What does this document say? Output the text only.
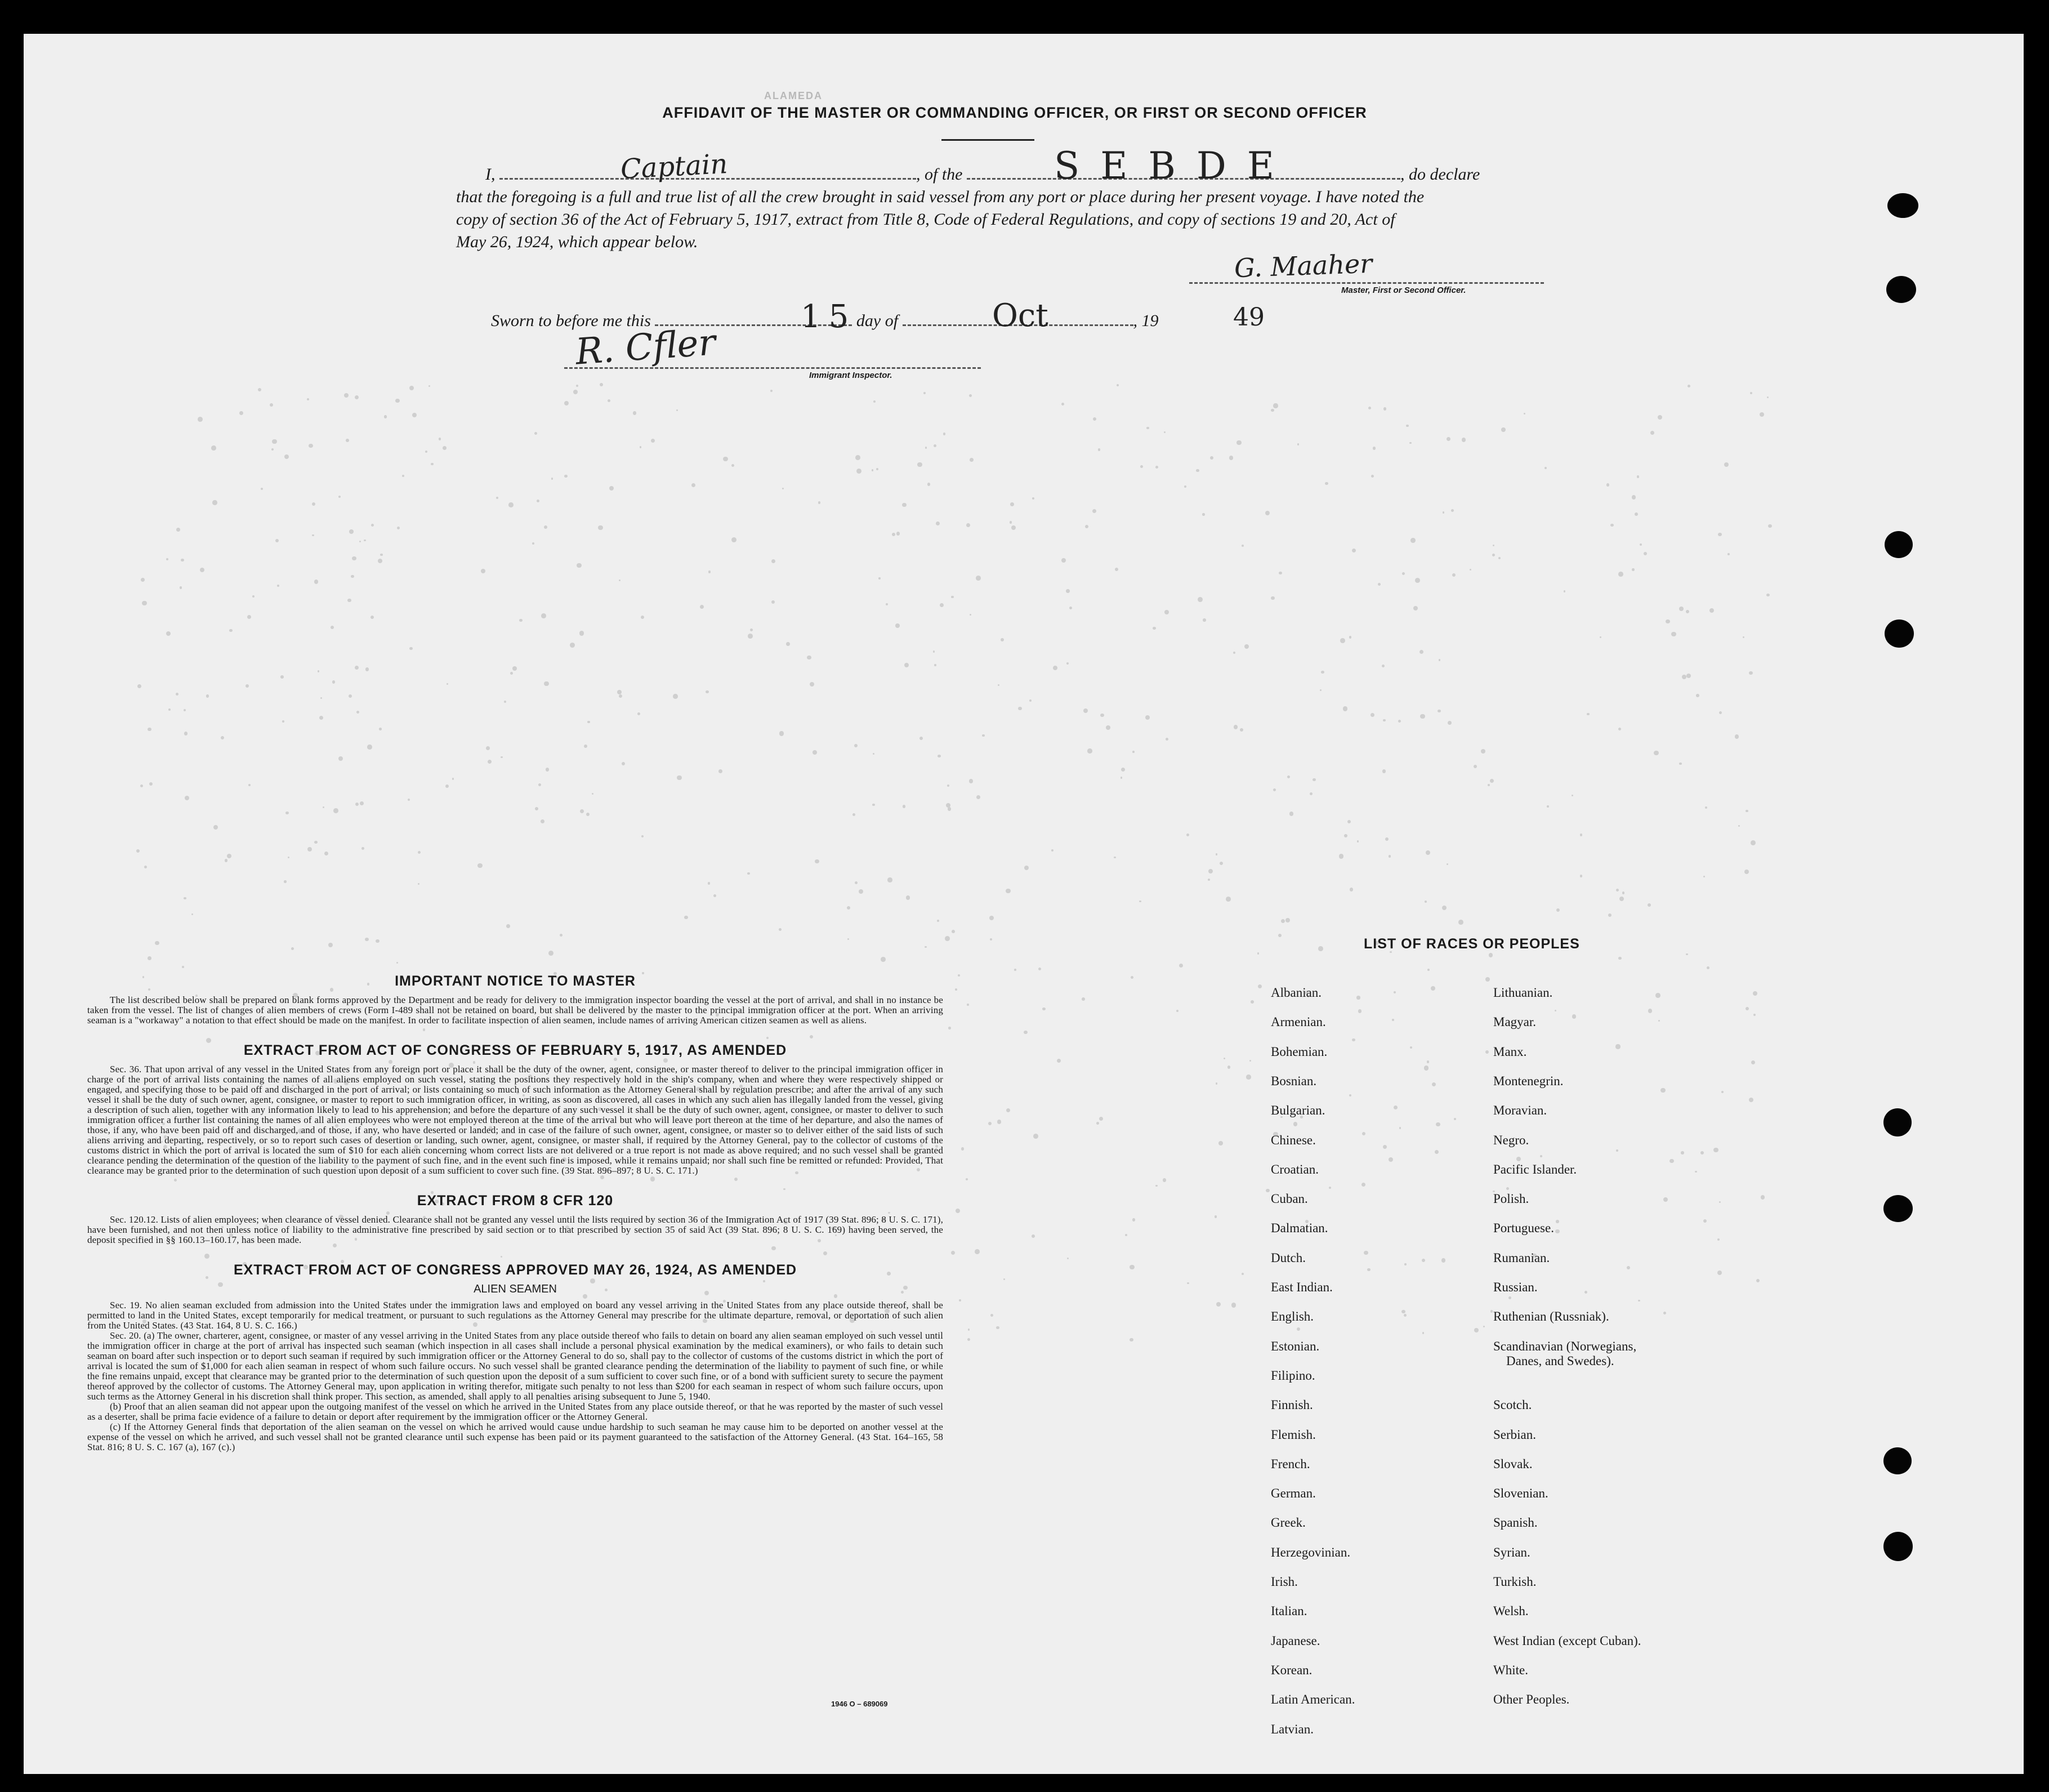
ALAMEDA
AFFIDAVIT OF THE MASTER OR COMMANDING OFFICER, OR FIRST OR SECOND OFFICER
I,	, of the	, do declare
Captain	S E B D E
that the foregoing is a full and true list of all the crew brought in said vessel from any port or place during her present voyage. I have noted the
copy of section 36 of the Act of February 5, 1917, extract from Title 8, Code of Federal Regulations, and copy of sections 19 and 20, Act of
May 26, 1924, which appear below.
G. Maaher
Master, First or Second Officer.
Sworn to before me this	day of	, 19
15	Oct	49
R. Cfler
Immigrant Inspector.
IMPORTANT NOTICE TO MASTER

The list described below shall be prepared on blank forms approved by the Department and be ready for delivery to the immigration inspector boarding the vessel at the port of arrival, and shall in no instance be taken from the vessel. The list of changes of alien members of crews (Form I-489 shall not be retained on board, but shall be delivered by the master to the principal immigration officer at the port. When an arriving seaman is a "workaway" a notation to that effect should be made on the manifest. In order to facilitate inspection of alien seamen, include names of arriving American citizen seamen as well as aliens.

EXTRACT FROM ACT OF CONGRESS OF FEBRUARY 5, 1917, AS AMENDED

Sec. 36. That upon arrival of any vessel in the United States from any foreign port or place it shall be the duty of the owner, agent, consignee, or master thereof to deliver to the principal immigration officer in charge of the port of arrival lists containing the names of all aliens employed on such vessel, stating the positions they respectively hold in the ship's company, when and where they were respectively shipped or engaged, and specifying those to be paid off and discharged in the port of arrival; or lists containing so much of such information as the Attorney General shall by regulation prescribe; and after the arrival of any such vessel it shall be the duty of such owner, agent, consignee, or master to report to such immigration officer, in writing, as soon as discovered, all cases in which any such alien has illegally landed from the vessel, giving a description of such alien, together with any information likely to lead to his apprehension; and before the departure of any such vessel it shall be the duty of such owner, agent, consignee, or master to deliver to such immigration officer a further list containing the names of all alien employees who were not employed thereon at the time of the arrival but who will leave port thereon at the time of her departure, and also the names of those, if any, who have been paid off and discharged, and of those, if any, who have deserted or landed; and in case of the failure of such owner, agent, consignee, or master so to deliver either of the said lists of such aliens arriving and departing, respectively, or so to report such cases of desertion or landing, such owner, agent, consignee, or master shall, if required by the Attorney General, pay to the collector of customs of the customs district in which the port of arrival is located the sum of $10 for each alien concerning whom correct lists are not delivered or a true report is not made as above required; and no such vessel shall be granted clearance pending the determination of the question of the liability to the payment of such fine, and in the event such fine is imposed, while it remains unpaid; nor shall such fine be remitted or refunded: Provided, That clearance may be granted prior to the determination of such question upon deposit of a sum sufficient to cover such fine. (39 Stat. 896–897; 8 U. S. C. 171.)

EXTRACT FROM 8 CFR 120

Sec. 120.12. Lists of alien employees; when clearance of vessel denied. Clearance shall not be granted any vessel until the lists required by section 36 of the Immigration Act of 1917 (39 Stat. 896; 8 U. S. C. 171), have been furnished, and not then unless notice of liability to the administrative fine prescribed by said section or to that prescribed by section 35 of said Act (39 Stat. 896; 8 U. S. C. 169) having been served, the deposit specified in §§ 160.13–160.17, has been made.

EXTRACT FROM ACT OF CONGRESS APPROVED MAY 26, 1924, AS AMENDED
ALIEN SEAMEN

Sec. 19. No alien seaman excluded from admission into the United States under the immigration laws and employed on board any vessel arriving in the United States from any place outside thereof, shall be permitted to land in the United States, except temporarily for medical treatment, or pursuant to such regulations as the Attorney General may prescribe for the ultimate departure, removal, or deportation of such alien from the United States. (43 Stat. 164, 8 U. S. C. 166.)

Sec. 20. (a) The owner, charterer, agent, consignee, or master of any vessel arriving in the United States from any place outside thereof who fails to detain on board any alien seaman employed on such vessel until the immigration officer in charge at the port of arrival has inspected such seaman (which inspection in all cases shall include a personal physical examination by the medical examiners), or who fails to detain such seaman on board after such inspection or to deport such seaman if required by such immigration officer or the Attorney General to do so, shall pay to the collector of customs of the customs district in which the port of arrival is located the sum of $1,000 for each alien seaman in respect of whom such failure occurs. No such vessel shall be granted clearance pending the determination of the liability to payment of such fine, or while the fine remains unpaid, except that clearance may be granted prior to the determination of such question upon the deposit of a sum sufficient to cover such fine, or of a bond with sufficient surety to secure the payment thereof approved by the collector of customs. The Attorney General may, upon application in writing therefor, mitigate such penalty to not less than $200 for each seaman in respect of whom such failure occurs, upon such terms as the Attorney General in his discretion shall think proper. This section, as amended, shall apply to all penalties arising subsequent to June 5, 1940.

(b) Proof that an alien seaman did not appear upon the outgoing manifest of the vessel on which he arrived in the United States from any place outside thereof, or that he was reported by the master of such vessel as a deserter, shall be prima facie evidence of a failure to detain or deport after requirement by the immigration officer or the Attorney General.

(c) If the Attorney General finds that deportation of the alien seaman on the vessel on which he arrived would cause undue hardship to such seaman he may cause him to be deported on another vessel at the expense of the vessel on which he arrived, and such vessel shall not be granted clearance until such expense has been paid or its payment guaranteed to the satisfaction of the Attorney General. (43 Stat. 164–165, 58 Stat. 816; 8 U. S. C. 167 (a), 167 (c).)

1946 O – 689069
LIST OF RACES OR PEOPLES
Albanian.
Armenian.
Bohemian.
Bosnian.
Bulgarian.
Chinese.
Croatian.
Cuban.
Dalmatian.
Dutch.
East Indian.
English.
Estonian.
Filipino.
Finnish.
Flemish.
French.
German.
Greek.
Herzegovinian.
Irish.
Italian.
Japanese.
Korean.
Latin American.
Latvian.
Lithuanian.
Magyar.
Manx.
Montenegrin.
Moravian.
Negro.
Pacific Islander.
Polish.
Portuguese.
Rumanian.
Russian.
Ruthenian (Russniak).
Scandinavian (Norwegians,
Danes, and Swedes).
Scotch.
Serbian.
Slovak.
Slovenian.
Spanish.
Syrian.
Turkish.
Welsh.
West Indian (except Cuban).
White.
Other Peoples.
